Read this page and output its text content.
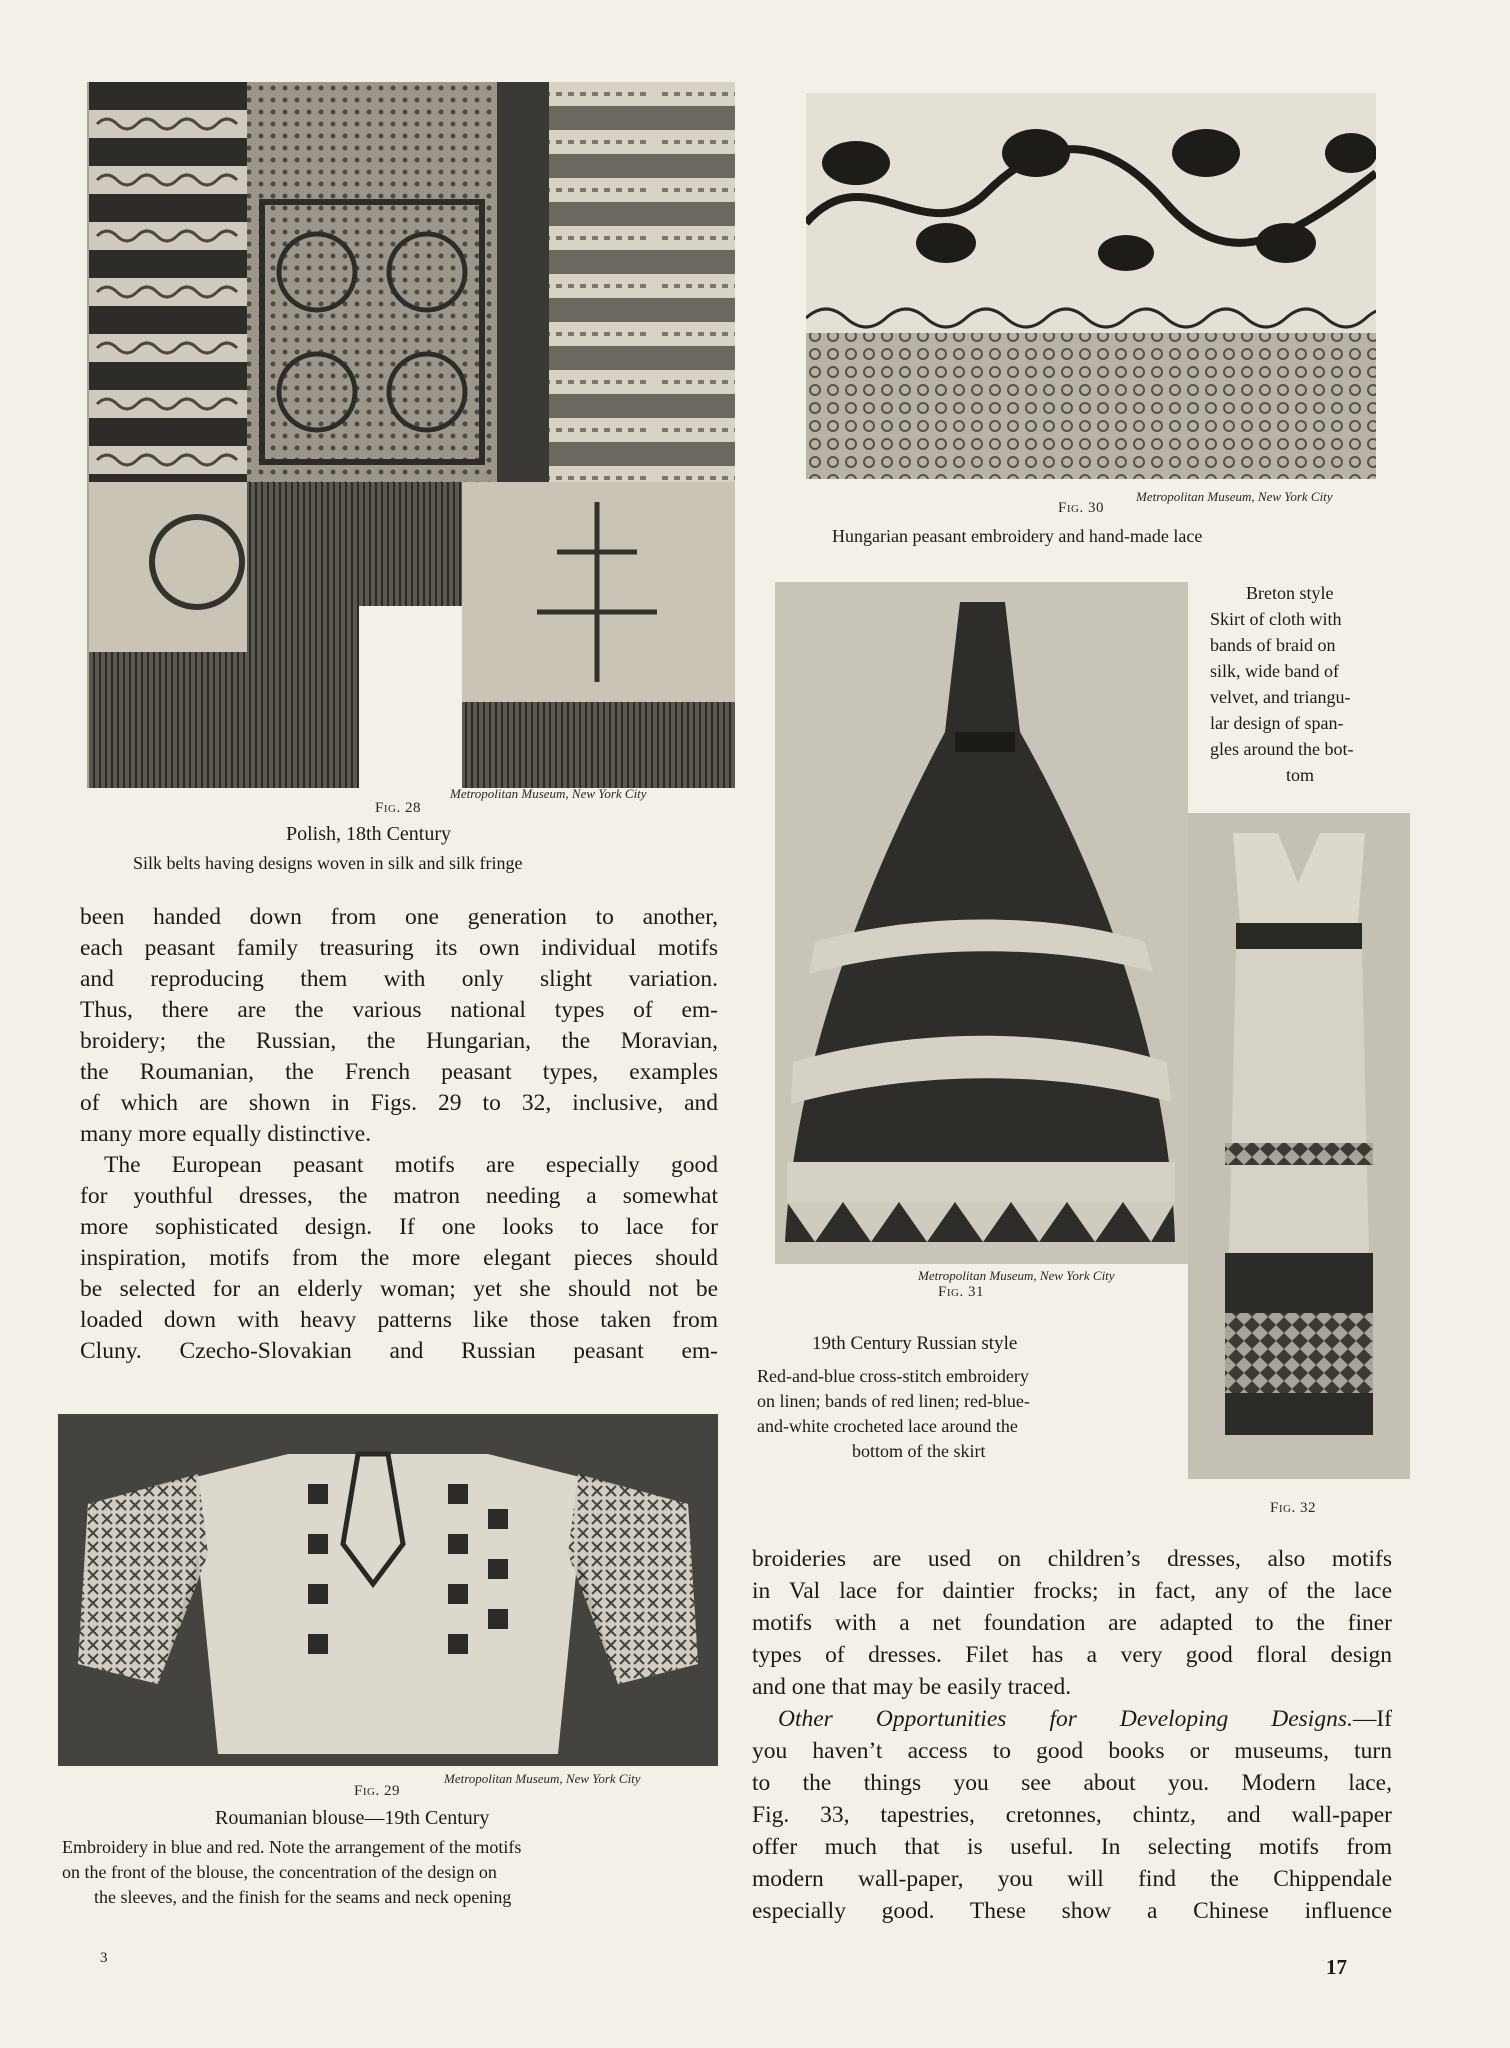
Fig. 28
Metropolitan Museum, New York City
Polish, 18th Century
Silk belts having designs woven in silk and silk fringe
Metropolitan Museum, New York City
Fig. 30
Hungarian peasant embroidery and hand-made lace
Metropolitan Museum, New York City
Fig. 31
19th Century Russian style
Red-and-blue cross-stitch embroidery
on linen; bands of red linen; red-blue-
and-white crocheted lace around the
bottom of the skirt
Breton style
Skirt of cloth with
bands of braid on
silk, wide band of
velvet, and triangu-
lar design of span-
gles around the bot-
tom
Fig. 32
been handed down from one generation to another,
each peasant family treasuring its own individual motifs
and reproducing them with only slight variation.
Thus, there are the various national types of em-
broidery; the Russian, the Hungarian, the Moravian,
the Roumanian, the French peasant types, examples
of which are shown in Figs. 29 to 32, inclusive, and
many more equally distinctive.
The European peasant motifs are especially good
for youthful dresses, the matron needing a somewhat
more sophisticated design. If one looks to lace for
inspiration, motifs from the more elegant pieces should
be selected for an elderly woman; yet she should not be
loaded down with heavy patterns like those taken from
Cluny. Czecho-Slovakian and Russian peasant em-
Metropolitan Museum, New York City
Fig. 29
Roumanian blouse—19th Century
Embroidery in blue and red. Note the arrangement of the motifs
on the front of the blouse, the concentration of the design on
the sleeves, and the finish for the seams and neck opening
broideries are used on children’s dresses, also motifs
in Val lace for daintier frocks; in fact, any of the lace
motifs with a net foundation are adapted to the finer
types of dresses. Filet has a very good floral design
and one that may be easily traced.
Other Opportunities for Developing Designs.—If
you haven’t access to good books or museums, turn
to the things you see about you. Modern lace,
Fig. 33, tapestries, cretonnes, chintz, and wall-paper
offer much that is useful. In selecting motifs from
modern wall-paper, you will find the Chippendale
especially good. These show a Chinese influence
3	17
